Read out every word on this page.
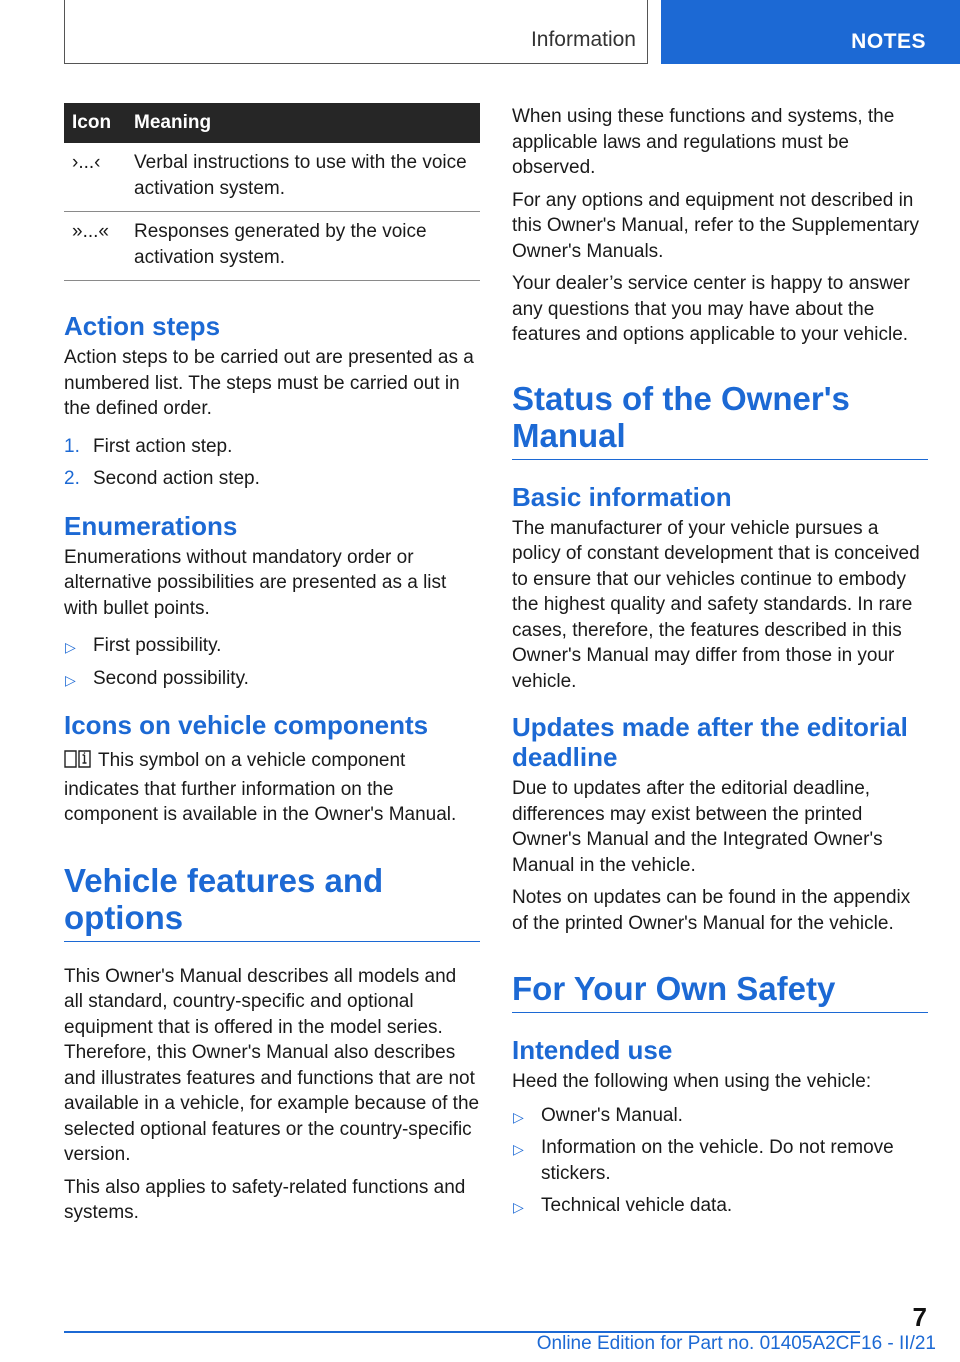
Information	NOTES
Icon	Meaning
›...‹	Verbal instructions to use with the voice activation system.
»...«	Responses generated by the voice activation system.
Action steps

Action steps to be carried out are presented as a numbered list. The steps must be carried out in the defined order.

1. First action step.
2. Second action step.
Enumerations

Enumerations without mandatory order or alternative possibilities are presented as a list with bullet points.

▷ First possibility.
▷ Second possibility.
Icons on vehicle components

This symbol on a vehicle component indicates that further information on the component is available in the Owner's Manual.

Vehicle features and options

This Owner's Manual describes all models and all standard, country-specific and optional equipment that is offered in the model series. Therefore, this Owner's Manual also describes and illustrates features and functions that are not available in a vehicle, for example because of the selected optional features or the country-specific version.

This also applies to safety-related functions and systems.

When using these functions and systems, the applicable laws and regulations must be observed.

For any options and equipment not described in this Owner's Manual, refer to the Supplementary Owner's Manuals.

Your dealer’s service center is happy to answer any questions that you may have about the features and options applicable to your vehicle.

Status of the Owner's Manual
Basic information

The manufacturer of your vehicle pursues a policy of constant development that is conceived to ensure that our vehicles continue to embody the highest quality and safety standards. In rare cases, therefore, the features described in this Owner's Manual may differ from those in your vehicle.

Updates made after the editorial deadline

Due to updates after the editorial deadline, differences may exist between the printed Owner's Manual and the Integrated Owner's Manual in the vehicle.

Notes on updates can be found in the appendix of the printed Owner's Manual for the vehicle.

For Your Own Safety
Intended use

Heed the following when using the vehicle:

▷ Owner's Manual.
▷ Information on the vehicle. Do not remove stickers.
▷ Technical vehicle data.
7
Online Edition for Part no. 01405A2CF16 - II/21
